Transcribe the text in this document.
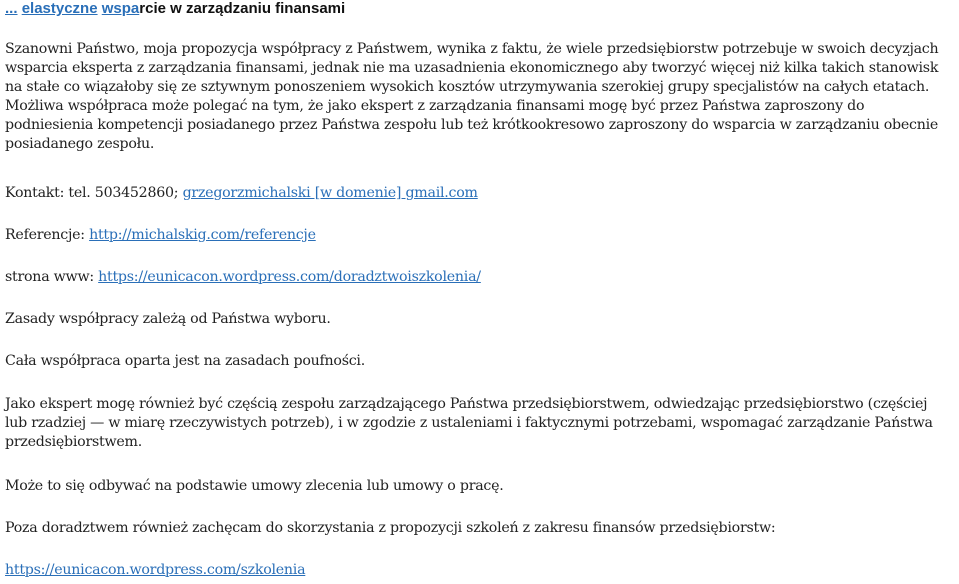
... elastyczne wsparcie w zarządzaniu finansami
Szanowni Państwo, moja propozycja współpracy z Państwem, wynika z faktu, że wiele przedsiębiorstw potrzebuje w swoich decyzjach wsparcia eksperta z zarządzania finansami, jednak nie ma uzasadnienia ekonomicznego aby tworzyć więcej niż kilka takich stanowisk na stałe co wiązałoby się ze sztywnym ponoszeniem wysokich kosztów utrzymywania szerokiej grupy specjalistów na całych etatach. Możliwa współpraca może polegać na tym, że jako ekspert z zarządzania finansami mogę być przez Państwa zaproszony do podniesienia kompetencji posiadanego przez Państwa zespołu lub też krótkookresowo zaproszony do wsparcia w zarządzaniu obecnie posiadanego zespołu.
Kontakt: tel. 503452860; grzegorzmichalski [w domenie] gmail.com
Referencje: http://michalskig.com/referencje
strona www: https://eunicacon.wordpress.com/doradztwoiszkolenia/
Zasady współpracy zależą od Państwa wyboru.
Cała współpraca oparta jest na zasadach poufności.
Jako ekspert mogę również być częścią zespołu zarządzającego Państwa przedsiębiorstwem, odwiedzając przedsiębiorstwo (częściej lub rzadziej — w miarę rzeczywistych potrzeb), i w zgodzie z ustaleniami i faktycznymi potrzebami, wspomagać zarządzanie Państwa przedsiębiorstwem.
Może to się odbywać na podstawie umowy zlecenia lub umowy o pracę.
Poza doradztwem również zachęcam do skorzystania z propozycji szkoleń z zakresu finansów przedsiębiorstw:
https://eunicacon.wordpress.com/szkolenia
